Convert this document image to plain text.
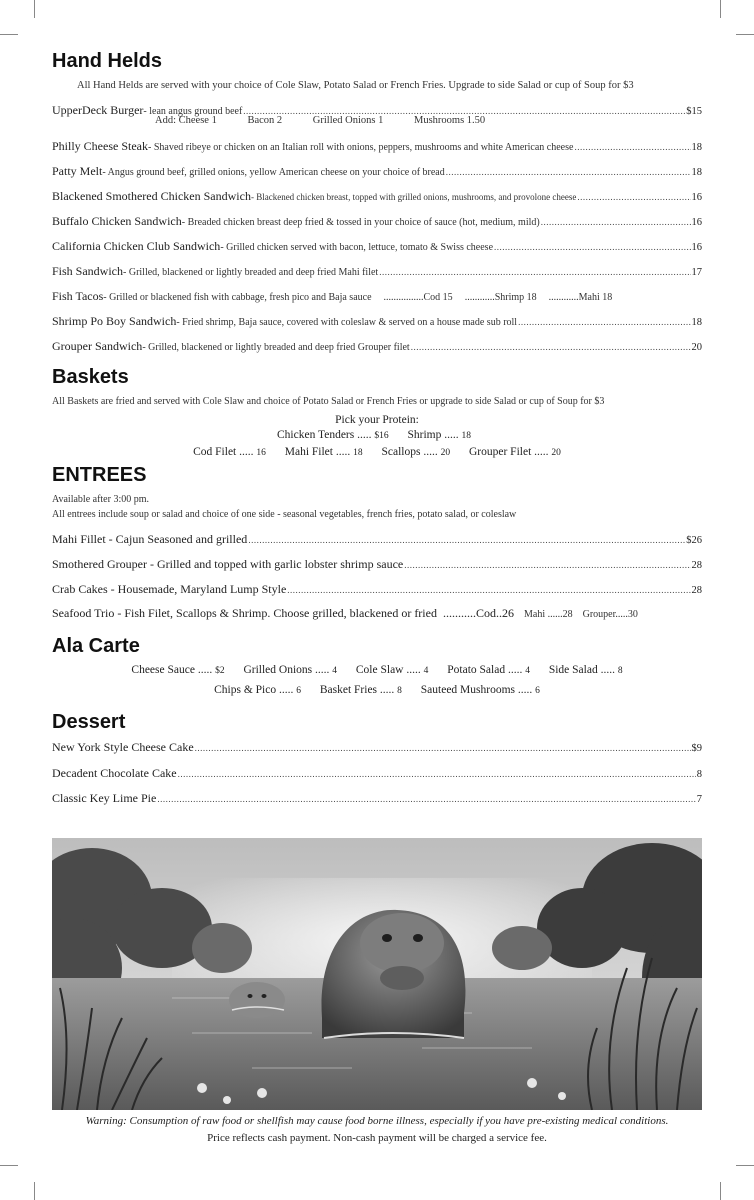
Hand Helds
All Hand Helds are served with your choice of Cole Slaw, Potato Salad or French Fries. Upgrade to side Salad or cup of Soup for $3
UpperDeck Burger - lean angus ground beef .....	$15
Add: Cheese 1	Bacon 2	Grilled Onions 1	Mushrooms 1.50
Philly Cheese Steak - Shaved ribeye or chicken on an Italian roll with onions, peppers, mushrooms and white American cheese .....	18
Patty Melt - Angus ground beef, grilled onions, yellow American cheese on your choice of bread .....	18
Blackened Smothered Chicken Sandwich - Blackened chicken breast, topped with grilled onions, mushrooms, and provolone cheese .....	16
Buffalo Chicken Sandwich - Breaded chicken breast deep fried & tossed in your choice of sauce (hot, medium, mild) .....	16
California Chicken Club Sandwich - Grilled chicken served with bacon, lettuce, tomato & Swiss cheese .....	16
Fish Sandwich - Grilled, blackened or lightly breaded and deep fried Mahi filet .....	17
Fish Tacos - Grilled or blackened fish with cabbage, fresh pico and Baja sauce ................Cod 15 ............Shrimp 18 ............Mahi 18
Shrimp Po Boy Sandwich - Fried shrimp, Baja sauce, covered with coleslaw & served on a house made sub roll .....	18
Grouper Sandwich - Grilled, blackened or lightly breaded and deep fried Grouper filet .....	20
Baskets
All Baskets are fried and served with Cole Slaw and choice of Potato Salad or French Fries or upgrade to side Salad or cup of Soup for $3
Pick your Protein:
Chicken Tenders ..... $16 Shrimp ..... 18
Cod Filet ..... 16 Mahi Filet ..... 18 Scallops ..... 20 Grouper Filet ..... 20
ENTREES
Available after 3:00 pm.
All entrees include soup or salad and choice of one side - seasonal vegetables, french fries, potato salad, or coleslaw
Mahi Fillet - Cajun Seasoned and grilled .....	$26
Smothered Grouper - Grilled and topped with garlic lobster shrimp sauce .....	28
Crab Cakes - Housemade, Maryland Lump Style .....	28
Seafood Trio - Fish Filet, Scallops & Shrimp. Choose grilled, blackened or fried ...........Cod..26 Mahi ......28 Grouper.....30
Ala Carte
Cheese Sauce ..... $2 Grilled Onions ..... 4 Cole Slaw ..... 4 Potato Salad ..... 4 Side Salad ..... 8
Chips & Pico ..... 6 Basket Fries ..... 8 Sauteed Mushrooms ..... 6
Dessert
New York Style Cheese Cake .....	$9
Decadent Chocolate Cake .....	8
Classic Key Lime Pie .....	7
Warning: Consumption of raw food or shellfish may cause food borne illness, especially if you have pre-existing medical conditions.
Price reflects cash payment. Non-cash payment will be charged a service fee.
